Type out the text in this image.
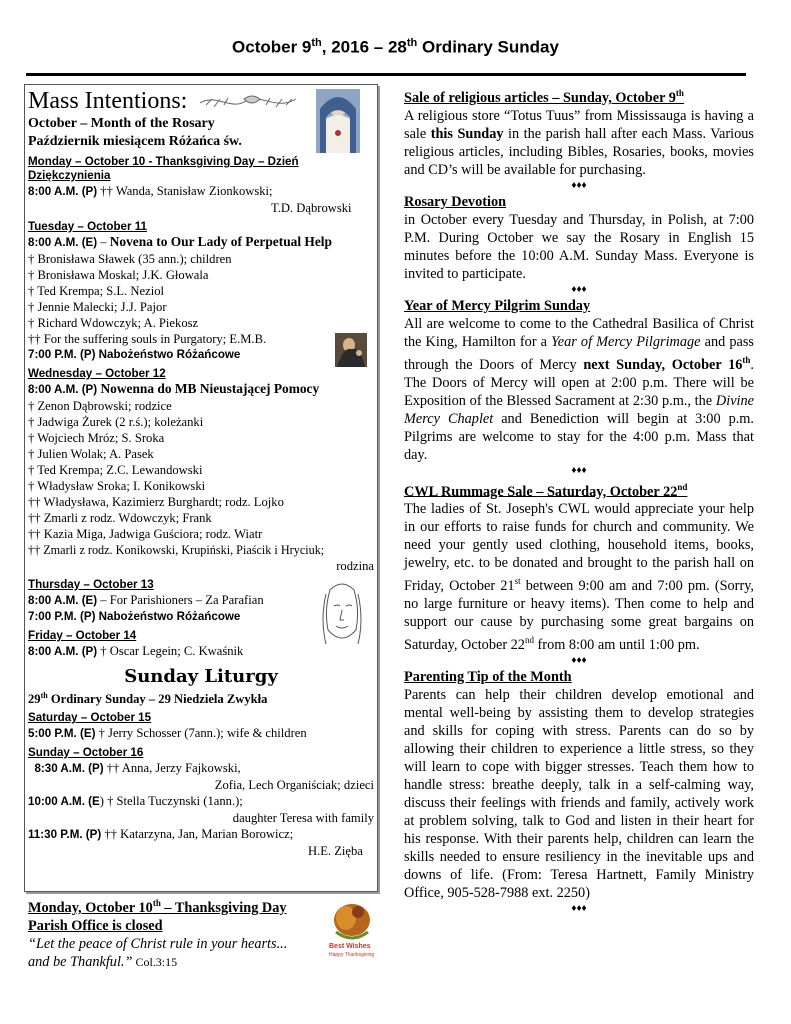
October 9th, 2016 – 28th Ordinary Sunday
Mass Intentions:
October – Month of the Rosary
Październik miesiącem Różańca św.
Monday – October 10 - Thanksgiving Day – Dzień Dziękczynienia
8:00 A.M. (P) †† Wanda, Stanisław Zionkowski;
T.D. Dąbrowski
Tuesday – October 11
8:00 A.M. (E) – Novena to Our Lady of Perpetual Help
† Bronisława Sławek (35 ann.); children
† Bronisława Moskal; J.K. Głowala
† Ted Krempa; S.L. Neziol
† Jennie Malecki; J.J. Pajor
† Richard Wdowczyk; A. Piekosz
†† For the suffering souls in Purgatory; E.M.B.
7:00 P.M. (P) Nabożeństwo Różańcowe
Wednesday – October 12
8:00 A.M. (P) Nowenna do MB Nieustającej Pomocy
† Zenon Dąbrowski; rodzice
† Jadwiga Żurek (2 r.ś.); koleżanki
† Wojciech Mróz; S. Sroka
† Julien Wolak; A. Pasek
† Ted Krempa; Z.C. Lewandowski
† Władysław Sroka; I. Konikowski
†† Władysława, Kazimierz Burghardt; rodz. Lojko
†† Zmarli z rodz. Wdowczyk; Frank
†† Kazia Miga, Jadwiga Guściora; rodz. Wiatr
†† Zmarli z rodz. Konikowski, Krupiński, Piaścik i Hryciuk;
rodzina
Thursday – October 13
8:00 A.M. (E) – For Parishioners – Za Parafian
7:00 P.M. (P) Nabożeństwo Różańcowe
Friday – October 14
8:00 A.M. (P) † Oscar Legein; C. Kwaśnik
Sunday Liturgy
29th Ordinary Sunday – 29 Niedziela Zwykła
Saturday – October 15
5:00 P.M. (E) † Jerry Schosser (7ann.); wife & children
Sunday – October 16
8:30 A.M. (P) †† Anna, Jerzy Fajkowski,
Zofia, Lech Organiściak; dzieci
10:00 A.M. (E) † Stella Tuczynski (1ann.);
daughter Teresa with family
11:30 P.M. (P) †† Katarzyna, Jan, Marian Borowicz;
H.E. Zięba
Sale of religious articles – Sunday, October 9th
A religious store “Totus Tuus” from Mississauga is having a sale this Sunday in the parish hall after each Mass. Various religious articles, including Bibles, Rosaries, books, movies and CD’s will be available for purchasing.
♦♦♦
Rosary Devotion
in October every Tuesday and Thursday, in Polish, at 7:00 P.M. During October we say the Rosary in English 15 minutes before the 10:00 A.M. Sunday Mass. Everyone is invited to participate.
♦♦♦
Year of Mercy Pilgrim Sunday
All are welcome to come to the Cathedral Basilica of Christ the King, Hamilton for a Year of Mercy Pilgrimage and pass through the Doors of Mercy next Sunday, October 16th. The Doors of Mercy will open at 2:00 p.m. There will be Exposition of the Blessed Sacrament at 2:30 p.m., the Divine Mercy Chaplet and Benediction will begin at 3:00 p.m. Pilgrims are welcome to stay for the 4:00 p.m. Mass that day.
♦♦♦
CWL Rummage Sale – Saturday, October 22nd
The ladies of St. Joseph's CWL would appreciate your help in our efforts to raise funds for church and community. We need your gently used clothing, household items, books, jewelry, etc. to be donated and brought to the parish hall on Friday, October 21st between 9:00 am and 7:00 pm. (Sorry, no large furniture or heavy items). Then come to help and support our cause by purchasing some great bargains on Saturday, October 22nd from 8:00 am until 1:00 pm.
♦♦♦
Parenting Tip of the Month
Parents can help their children develop emotional and mental well-being by assisting them to develop strategies and skills for coping with stress. Parents can do so by allowing their children to experience a little stress, so they will learn to cope with bigger stresses. Teach them how to handle stress: breathe deeply, talk in a self-calming way, discuss their feelings with friends and family, actively work at problem solving, talk to God and listen in their heart for his response. With their parents help, children can learn the skills needed to ensure resiliency in the inevitable ups and downs of life. (From: Teresa Hartnett, Family Ministry Office, 905-528-7988 ext. 2250)
♦♦♦
Monday, October 10th – Thanksgiving Day
Parish Office is closed
“Let the peace of Christ rule in your hearts...
and be Thankful.” Col.3:15
Best Wishes
Happy Thanksgiving
